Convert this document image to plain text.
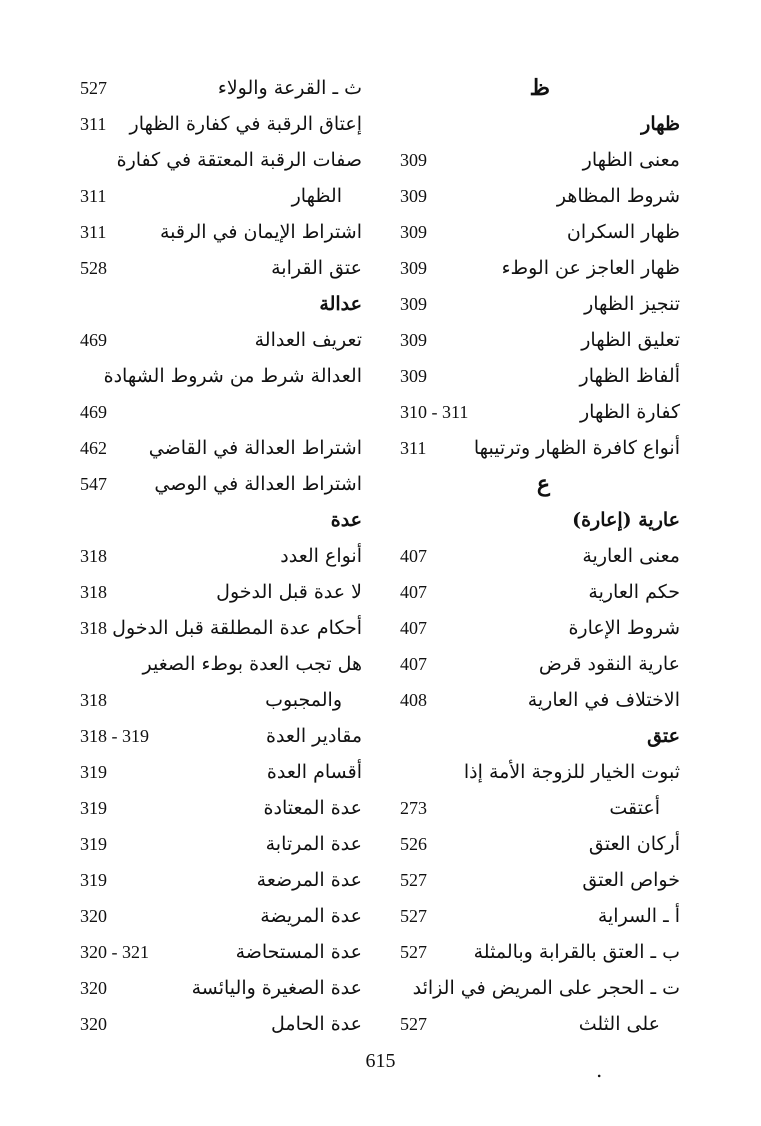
ظ
ظهار
معنى الظهار
309
شروط المظاهر
309
ظهار السكران
309
ظهار العاجز عن الوطء
309
تنجيز الظهار
309
تعليق الظهار
309
ألفاظ الظهار
309
كفارة الظهار
310 - 311
أنواع كافرة الظهار وترتيبها
311
ع
عارية (إعارة)
معنى العارية
407
حكم العارية
407
شروط الإعارة
407
عارية النقود قرض
407
الاختلاف في العارية
408
عتق
ثبوت الخيار للزوجة الأمة إذا
أعتقت
273
أركان العتق
526
خواص العتق
527
أ ـ السراية
527
ب ـ العتق بالقرابة وبالمثلة
527
ت ـ الحجر على المريض في الزائد
على الثلث
527
ث ـ القرعة والولاء
527
إعتاق الرقبة في كفارة الظهار
311
صفات الرقبة المعتقة في كفارة
الظهار
311
اشتراط الإيمان في الرقبة
311
عتق القرابة
528
عدالة
تعريف العدالة
469
العدالة شرط من شروط الشهادة
469
اشتراط العدالة في القاضي
462
اشتراط العدالة في الوصي
547
عدة
أنواع العدد
318
لا عدة قبل الدخول
318
أحكام عدة المطلقة قبل الدخول
318
هل تجب العدة بوطء الصغير
والمجبوب
318
مقادير العدة
318 - 319
أقسام العدة
319
عدة المعتادة
319
عدة المرتابة
319
عدة المرضعة
319
عدة المريضة
320
عدة المستحاضة
320 - 321
عدة الصغيرة واليائسة
320
عدة الحامل
320
615	.
